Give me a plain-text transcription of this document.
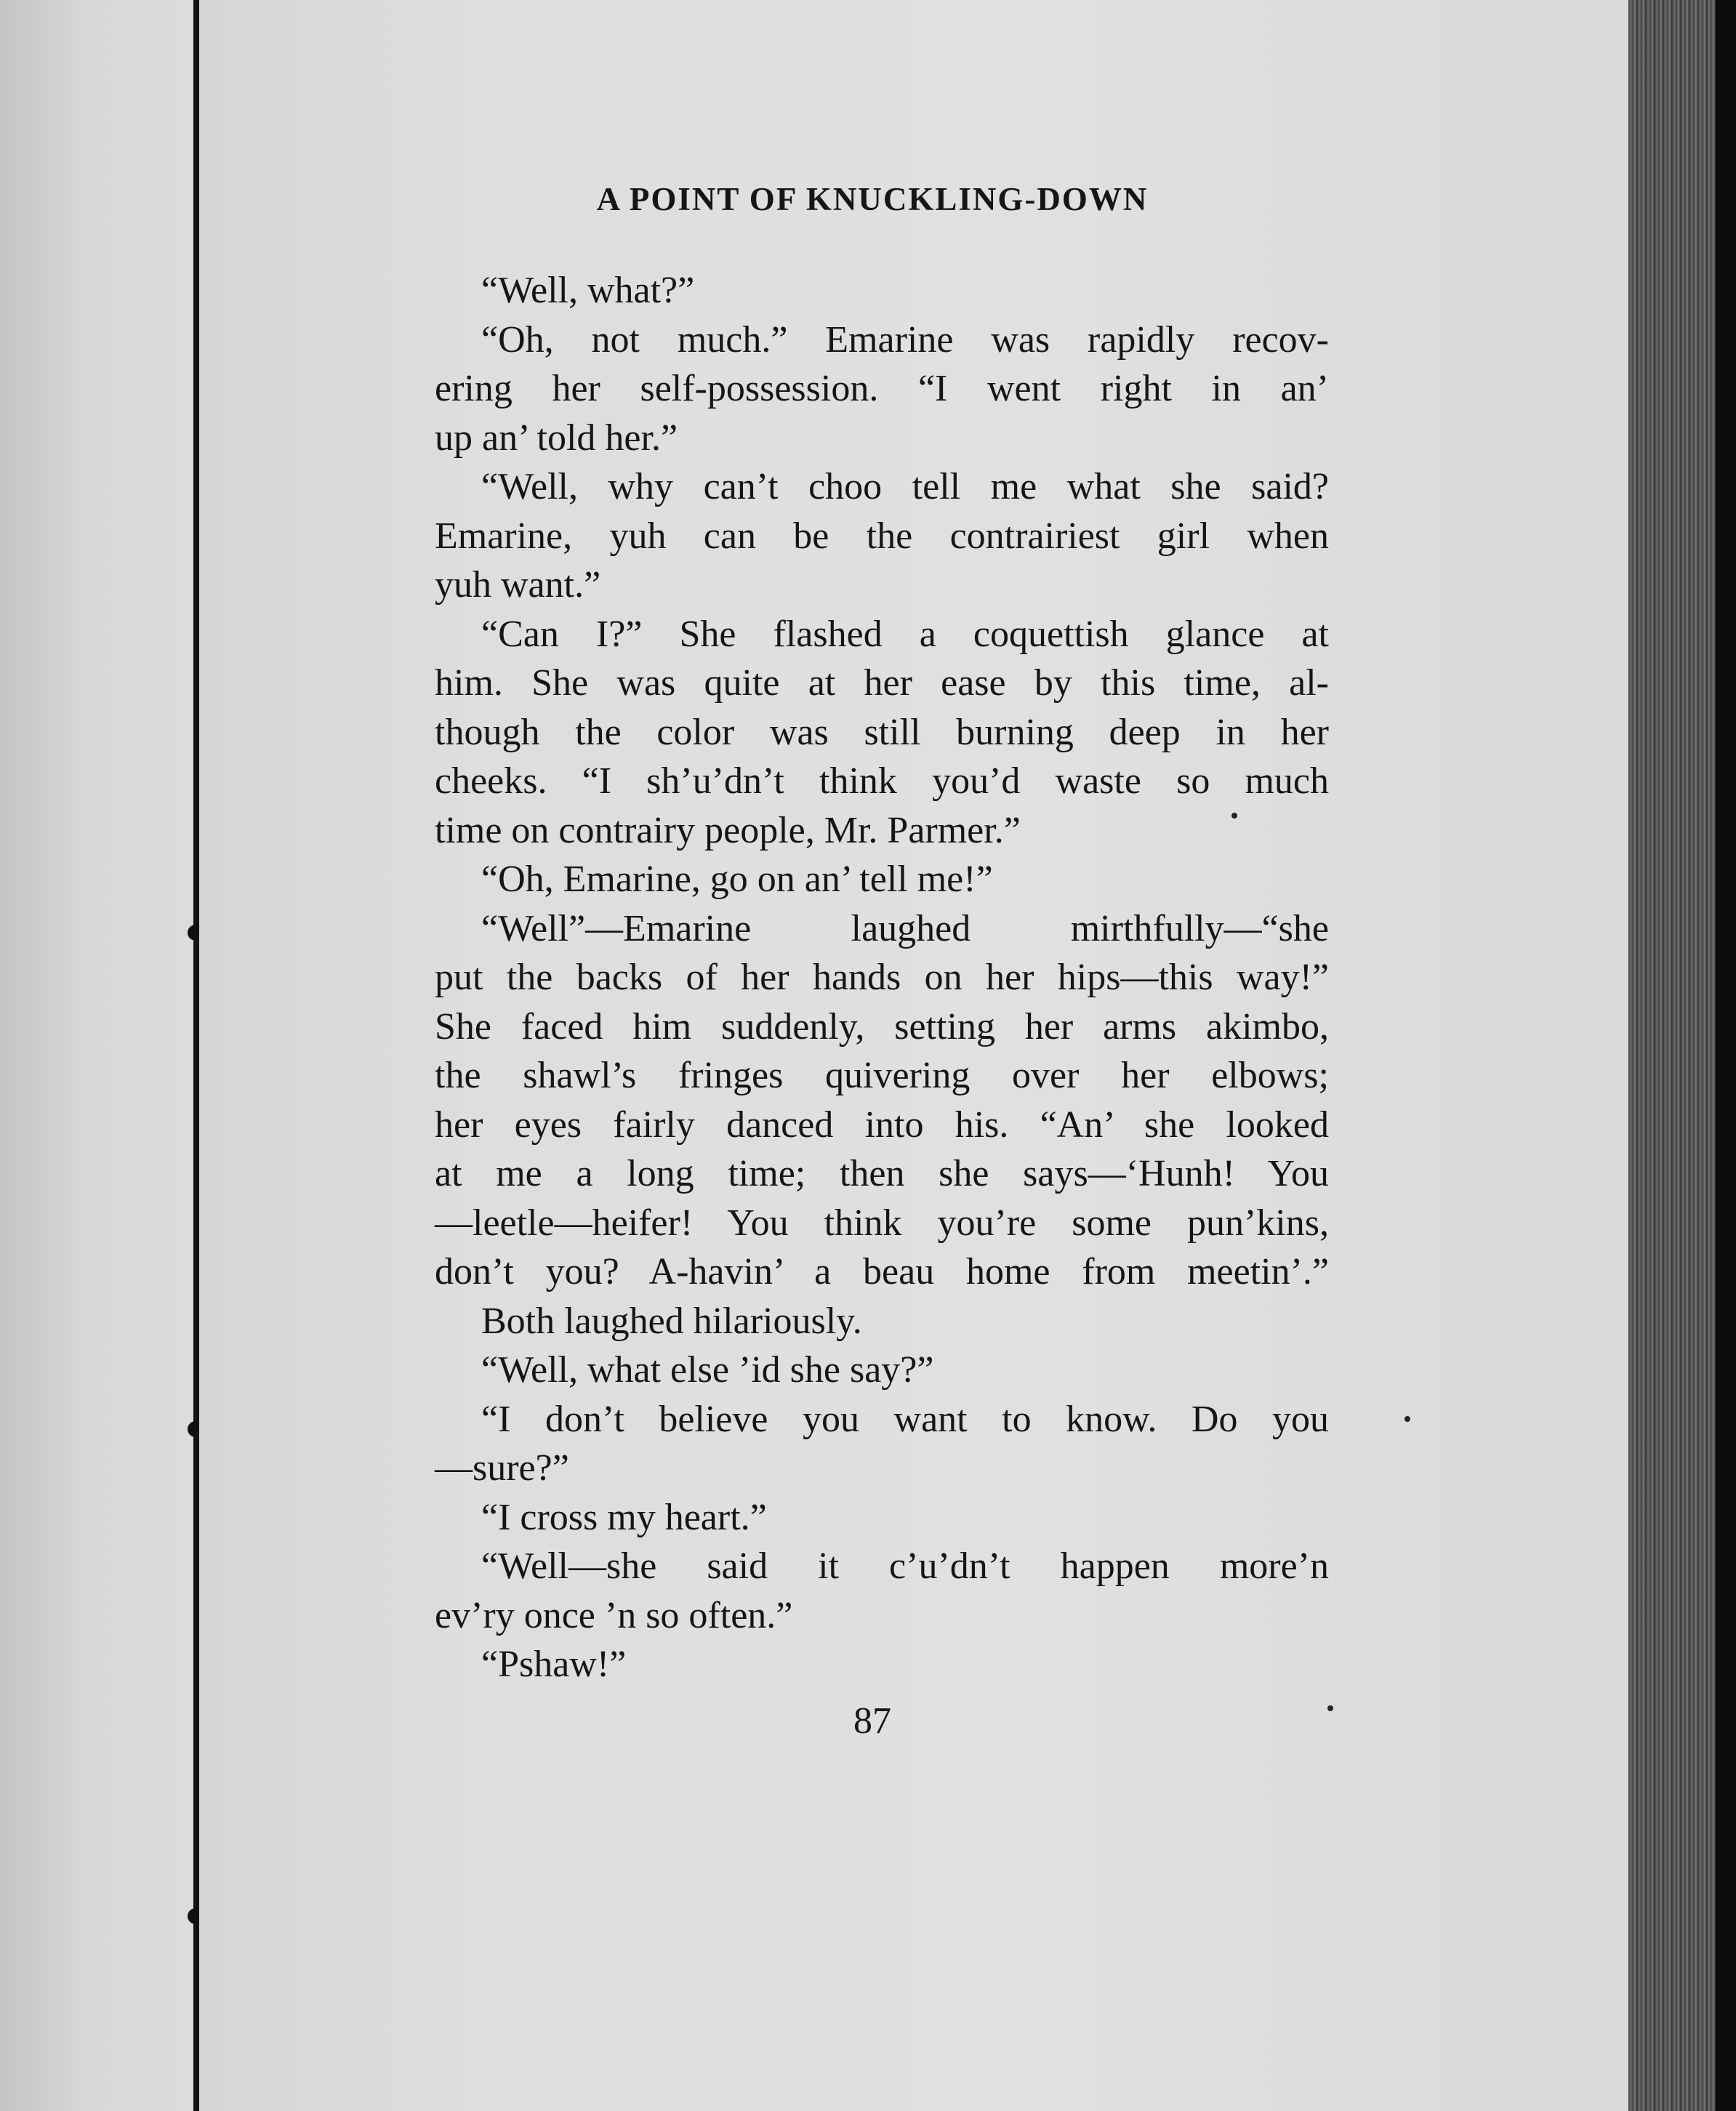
A POINT OF KNUCKLING-DOWN
“Well, what?”
“Oh, not much.” Emarine was rapidly recov-
ering her self-possession. “I went right in an’
up an’ told her.”
“Well, why can’t choo tell me what she said?
Emarine, yuh can be the contrairiest girl when
yuh want.”
“Can I?” She flashed a coquettish glance at
him. She was quite at her ease by this time, al-
though the color was still burning deep in her
cheeks. “I sh’u’dn’t think you’d waste so much
time on contrairy people, Mr. Parmer.”
“Oh, Emarine, go on an’ tell me!”
“Well”—Emarine laughed mirthfully—“she
put the backs of her hands on her hips—this way!”
She faced him suddenly, setting her arms akimbo,
the shawl’s fringes quivering over her elbows;
her eyes fairly danced into his. “An’ she looked
at me a long time; then she says—‘Hunh! You
—leetle—heifer! You think you’re some pun’kins,
don’t you? A-havin’ a beau home from meetin’.”
Both laughed hilariously.
“Well, what else ’id she say?”
“I don’t believe you want to know. Do you
—sure?”
“I cross my heart.”
“Well—she said it c’u’dn’t happen more’n
ev’ry once ’n so often.”
“Pshaw!”
87
